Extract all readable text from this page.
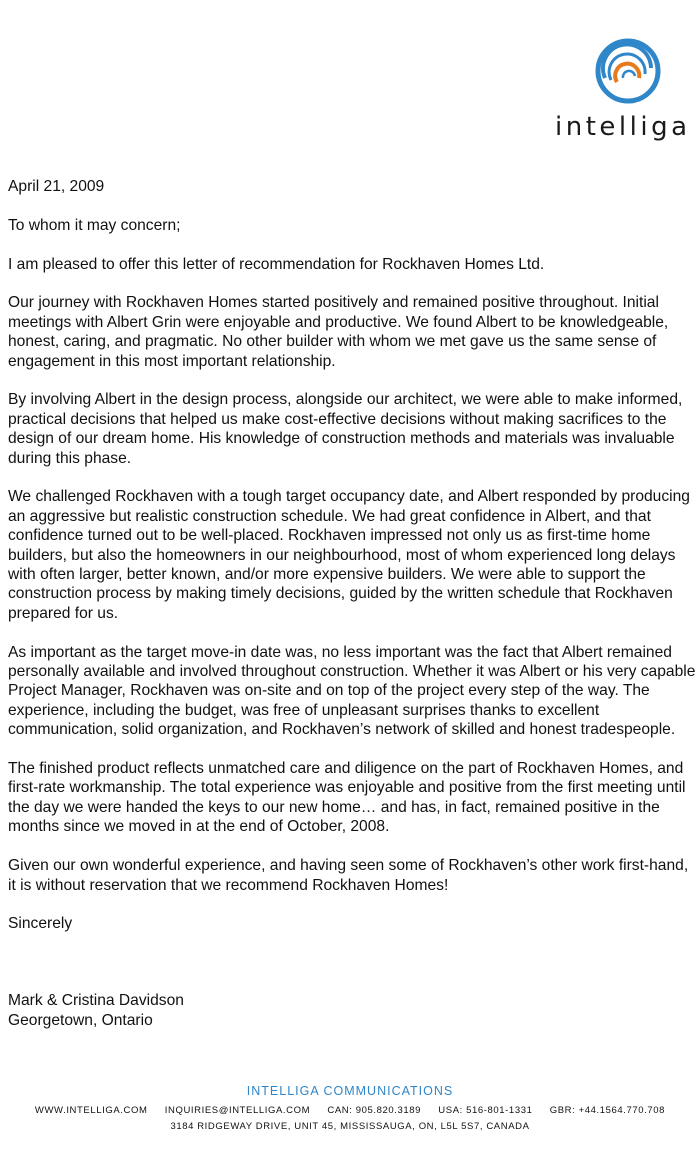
intelliga

April 21, 2009

To whom it may concern;

I am pleased to offer this letter of recommendation for Rockhaven Homes Ltd.

Our journey with Rockhaven Homes started positively and remained positive throughout. Initial meetings with Albert Grin were enjoyable and productive. We found Albert to be knowledgeable, honest, caring, and pragmatic. No other builder with whom we met gave us the same sense of engagement in this most important relationship.

By involving Albert in the design process, alongside our architect, we were able to make informed, practical decisions that helped us make cost-effective decisions without making sacrifices to the design of our dream home. His knowledge of construction methods and materials was invaluable during this phase.

We challenged Rockhaven with a tough target occupancy date, and Albert responded by producing an aggressive but realistic construction schedule. We had great confidence in Albert, and that confidence turned out to be well-placed. Rockhaven impressed not only us as first-time home builders, but also the homeowners in our neighbourhood, most of whom experienced long delays with often larger, better known, and/or more expensive builders. We were able to support the construction process by making timely decisions, guided by the written schedule that Rockhaven prepared for us.

As important as the target move-in date was, no less important was the fact that Albert remained personally available and involved throughout construction. Whether it was Albert or his very capable Project Manager, Rockhaven was on-site and on top of the project every step of the way. The experience, including the budget, was free of unpleasant surprises thanks to excellent communication, solid organization, and Rockhaven’s network of skilled and honest tradespeople.

The finished product reflects unmatched care and diligence on the part of Rockhaven Homes, and first-rate workmanship. The total experience was enjoyable and positive from the first meeting until the day we were handed the keys to our new home… and has, in fact, remained positive in the months since we moved in at the end of October, 2008.

Given our own wonderful experience, and having seen some of Rockhaven’s other work first-hand, it is without reservation that we recommend Rockhaven Homes!

Sincerely

Mark & Cristina Davidson
Georgetown, Ontario
INTELLIGA COMMUNICATIONS
WWW.INTELLIGA.COM INQUIRIES@INTELLIGA.COM CAN: 905.820.3189 USA: 516-801-1331 GBR: +44.1564.770.708
3184 RIDGEWAY DRIVE, UNIT 45, MISSISSAUGA, ON, L5L 5S7, CANADA
